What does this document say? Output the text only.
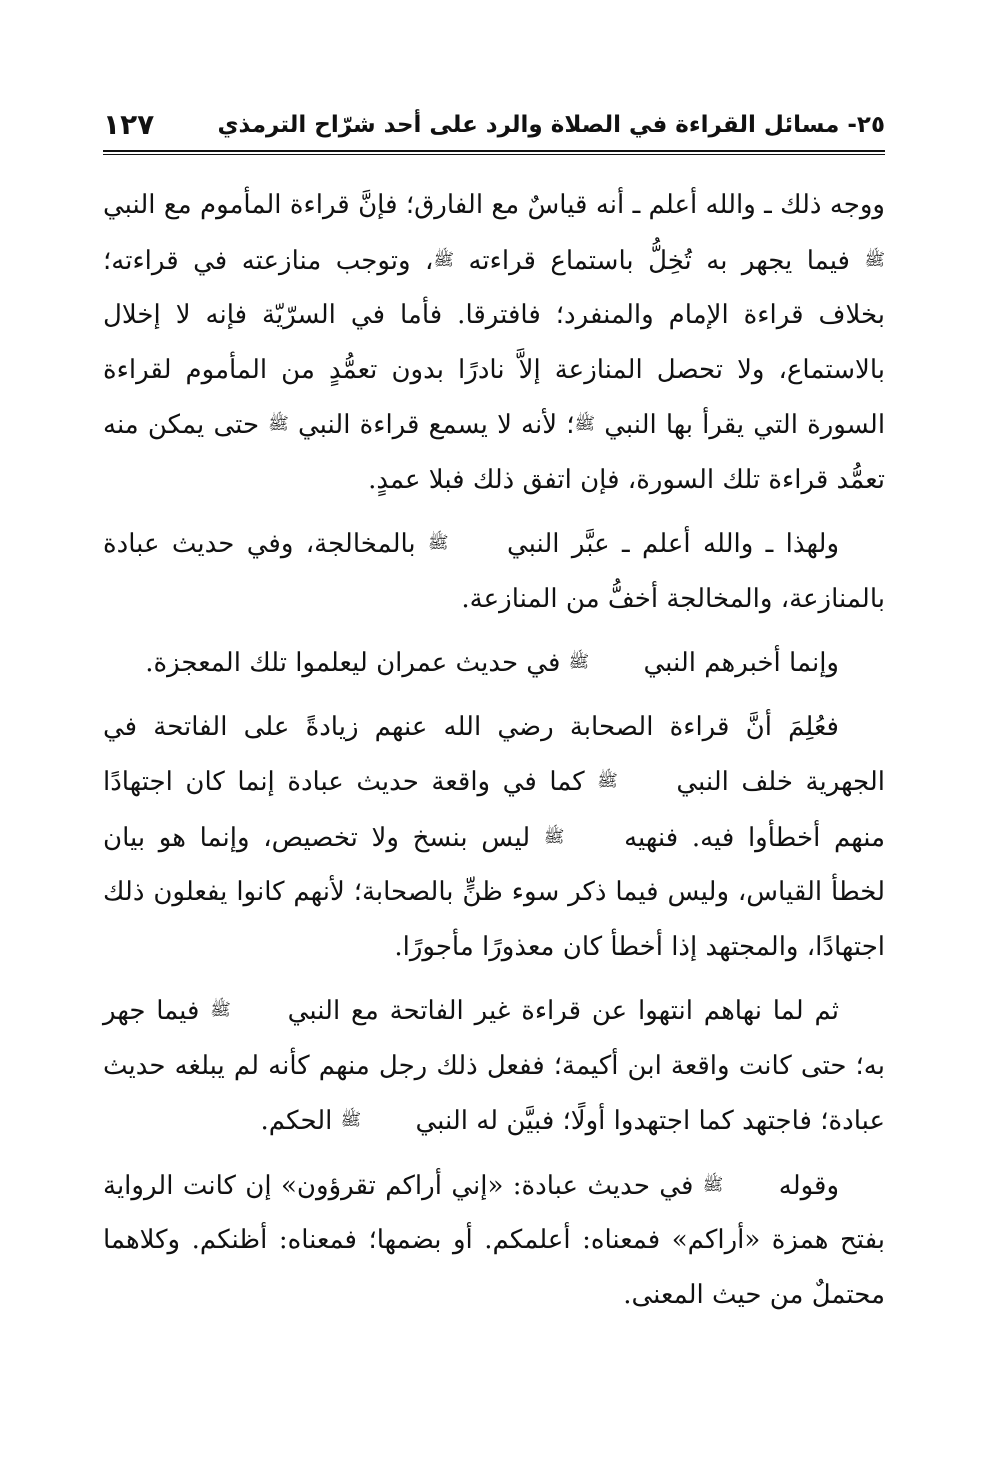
٢٥- مسائل القراءة في الصلاة والرد على أحد شرّاح الترمذي
١٢٧

ووجه ذلك ـ والله أعلم ـ أنه قياسٌ مع الفارق؛ فإنَّ قراءة المأموم مع النبي ﷺ فيما يجهر به تُخِلُّ باستماع قراءته ﷺ، وتوجب منازعته في قراءته؛ بخلاف قراءة الإمام والمنفرد؛ فافترقا. فأما في السرّيّة فإنه لا إخلال بالاستماع، ولا تحصل المنازعة إلاَّ نادرًا بدون تعمُّدٍ من المأموم لقراءة السورة التي يقرأ بها النبي ﷺ؛ لأنه لا يسمع قراءة النبي ﷺ حتى يمكن منه تعمُّد قراءة تلك السورة، فإن اتفق ذلك فبلا عمدٍ.

ولهذا ـ والله أعلم ـ عبَّر النبي ﷺ بالمخالجة، وفي حديث عبادة بالمنازعة، والمخالجة أخفُّ من المنازعة.

وإنما أخبرهم النبي ﷺ في حديث عمران ليعلموا تلك المعجزة.

فعُلِمَ أنَّ قراءة الصحابة رضي الله عنهم زيادةً على الفاتحة في الجهرية خلف النبي ﷺ كما في واقعة حديث عبادة إنما كان اجتهادًا منهم أخطأوا فيه. فنهيه ﷺ ليس بنسخ ولا تخصيص، وإنما هو بيان لخطأ القياس، وليس فيما ذكر سوء ظنٍّ بالصحابة؛ لأنهم كانوا يفعلون ذلك اجتهادًا، والمجتهد إذا أخطأ كان معذورًا مأجورًا.

ثم لما نهاهم انتهوا عن قراءة غير الفاتحة مع النبي ﷺ فيما جهر به؛ حتى كانت واقعة ابن أكيمة؛ ففعل ذلك رجل منهم كأنه لم يبلغه حديث عبادة؛ فاجتهد كما اجتهدوا أولًا؛ فبيَّن له النبي ﷺ الحكم.

وقوله ﷺ في حديث عبادة: «إني أراكم تقرؤون» إن كانت الرواية بفتح همزة «أراكم» فمعناه: أعلمكم. أو بضمها؛ فمعناه: أظنكم. وكلاهما محتملٌ من حيث المعنى.
